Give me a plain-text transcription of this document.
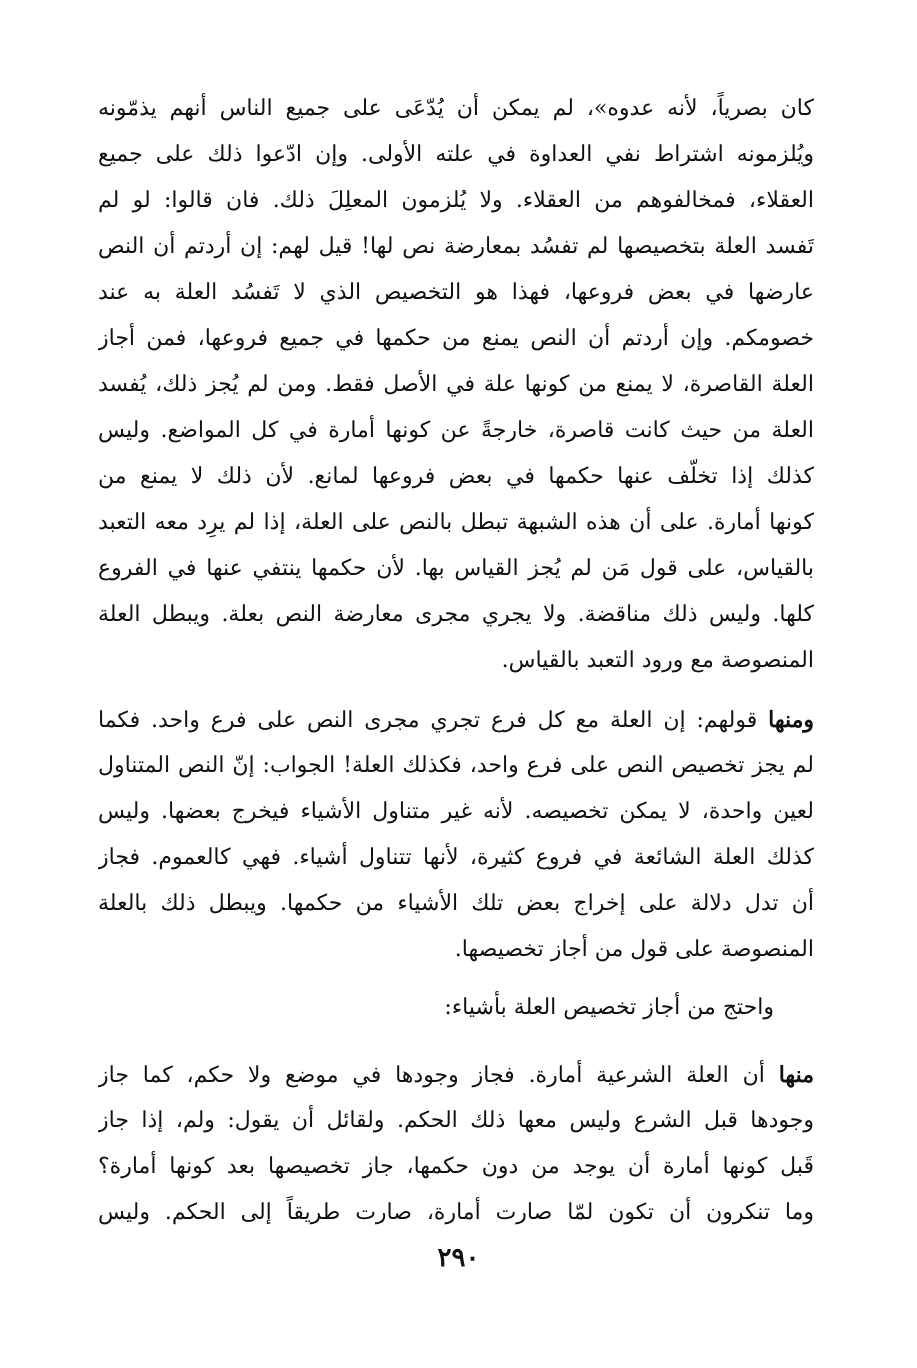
كان بصرياً، لأنه عدوه»، لم يمكن أن يُدّعَى على جميع الناس أنهم يذمّونه
ويُلزمونه اشتراط نفي العداوة في علته الأولى. وإن ادّعوا ذلك على جميع
العقلاء، فمخالفوهم من العقلاء. ولا يُلزمون المعلِلَ ذلك. فان قالوا: لو لم
تَفسد العلة بتخصيصها لم تفسُد بمعارضة نص لها! قيل لهم: إن أردتم أن النص
عارضها في بعض فروعها، فهذا هو التخصيص الذي لا تَفسُد العلة به عند
خصومكم. وإن أردتم أن النص يمنع من حكمها في جميع فروعها، فمن أجاز
العلة القاصرة، لا يمنع من كونها علة في الأصل فقط. ومن لم يُجز ذلك، يُفسد
العلة من حيث كانت قاصرة، خارجةً عن كونها أمارة في كل المواضع. وليس
كذلك إذا تخلّف عنها حكمها في بعض فروعها لمانع. لأن ذلك لا يمنع من
كونها أمارة. على أن هذه الشبهة تبطل بالنص على العلة، إذا لم يرِد معه التعبد
بالقياس، على قول مَن لم يُجز القياس بها. لأن حكمها ينتفي عنها في الفروع
كلها. وليس ذلك مناقضة. ولا يجري مجرى معارضة النص بعلة. ويبطل العلة
المنصوصة مع ورود التعبد بالقياس.
ومنها قولهم: إن العلة مع كل فرع تجري مجرى النص على فرع واحد. فكما
لم يجز تخصيص النص على فرع واحد، فكذلك العلة! الجواب: إنّ النص المتناول
لعين واحدة، لا يمكن تخصيصه. لأنه غير متناول الأشياء فيخرج بعضها. وليس
كذلك العلة الشائعة في فروع كثيرة، لأنها تتناول أشياء. فهي كالعموم. فجاز
أن تدل دلالة على إخراج بعض تلك الأشياء من حكمها. ويبطل ذلك بالعلة
المنصوصة على قول من أجاز تخصيصها.
واحتج من أجاز تخصيص العلة بأشياء:
منها أن العلة الشرعية أمارة. فجاز وجودها في موضع ولا حكم، كما جاز
وجودها قبل الشرع وليس معها ذلك الحكم. ولقائل أن يقول: ولم، إذا جاز
قَبل كونها أمارة أن يوجد من دون حكمها، جاز تخصيصها بعد كونها أمارة؟
وما تنكرون أن تكون لمّا صارت أمارة، صارت طريقاً إلى الحكم. وليس
٢٩٠
